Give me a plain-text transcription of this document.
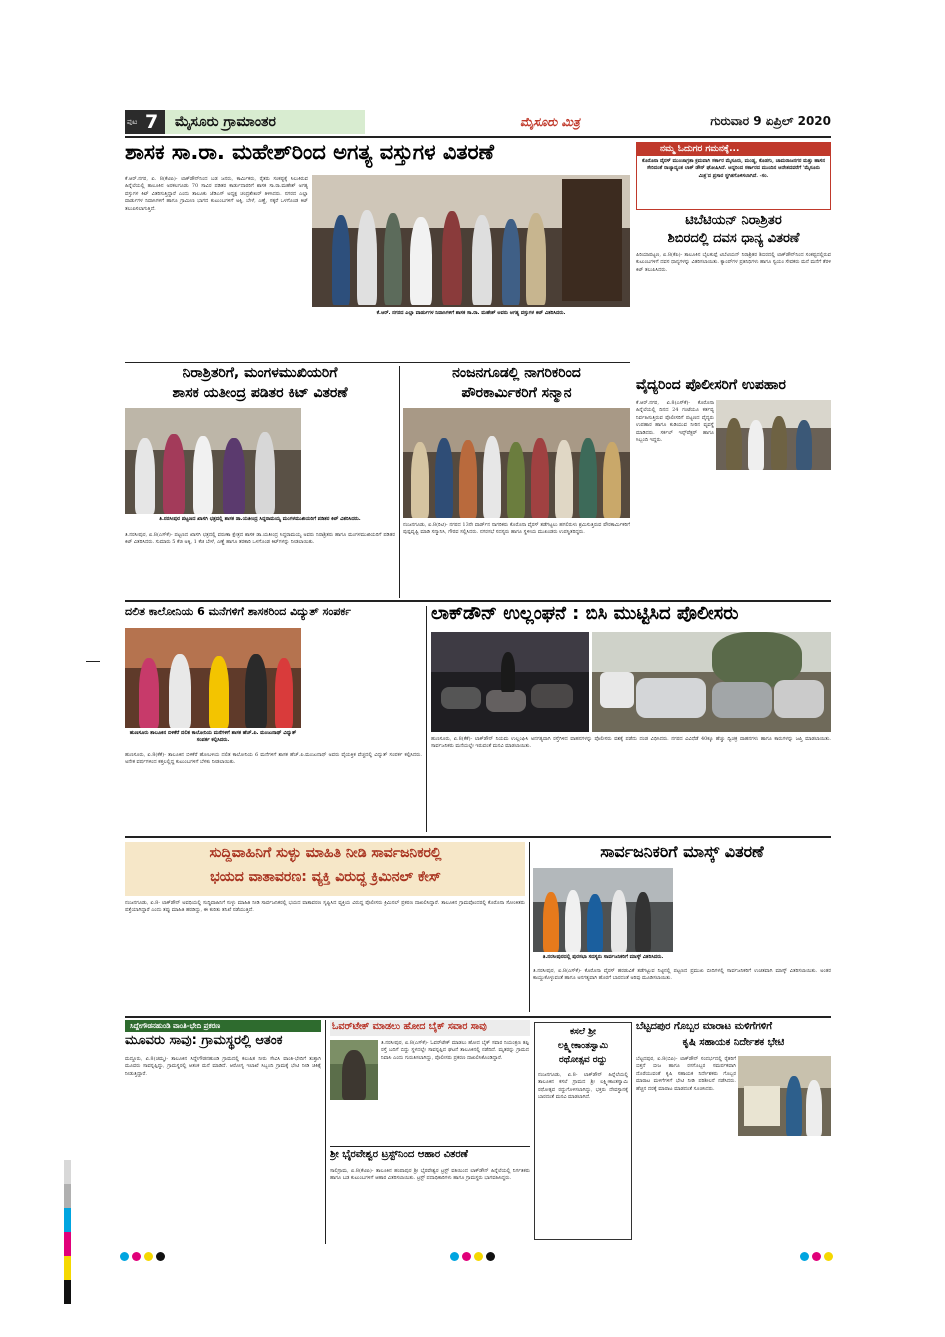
ಪುಟ 7 ಮೈಸೂರು ಗ್ರಾಮಾಂತರ	ಮೈಸೂರು ಮಿತ್ರ	ಗುರುವಾರ 9 ಏಪ್ರಿಲ್ 2020
ಶಾಸಕ ಸಾ.ರಾ. ಮಹೇಶ್‌ರಿಂದ ಅಗತ್ಯ ವಸ್ತುಗಳ ವಿತರಣೆ
ಕೆ.ಆರ್.ನಗರ, ಏ. 8(ಕೆಟಿಪಿ)- ಲಾಕ್‌ಡೌನ್‌ನಿಂದ ಬಡ ಜನರು, ಕಾರ್ಮಿಕರು, ರೈತರು ಸಂಕಷ್ಟಕ್ಕೆ ಸಿಲುಕಿರುವ ಹಿನ್ನೆಲೆಯಲ್ಲಿ ತಾಲೂಕಿನ ಅರಕಲಗೂಡು 70 ಸಾವಿರ ಪಡಿತರ ಕಾರ್ಡುದಾರರಿಗೆ ಶಾಸಕ ಸಾ.ರಾ.ಮಹೇಶ್ ಅಗತ್ಯ ವಸ್ತುಗಳ ಕಿಟ್ ವಿತರಿಸುತ್ತಿದ್ದಾರೆ ಎಂದು ತಾಲೂಕು ಜೆಡಿಎಸ್ ಅಧ್ಯಕ್ಷ ಚಂದ್ರಶೇಖರ್ ತಿಳಿಸಿದರು. ನಗರದ ಎಲ್ಲಾ ವಾರ್ಡುಗಳ ನಿವಾಸಿಗಳಿಗೆ ಹಾಗೂ ಗ್ರಾಮೀಣ ಭಾಗದ ಕುಟುಂಬಗಳಿಗೆ ಅಕ್ಕಿ, ಬೇಳೆ, ಎಣ್ಣೆ, ಸಕ್ಕರೆ ಒಳಗೊಂಡ ಕಿಟ್ ತಲುಪಿಸಲಾಗುತ್ತಿದೆ.
ಕೆ.ಆರ್. ನಗರದ ಎಲ್ಲಾ ವಾರ್ಡುಗಳ ನಿವಾಸಿಗಳಿಗೆ ಶಾಸಕ ಸಾ.ರಾ. ಮಹೇಶ್ ಅವರು ಅಗತ್ಯ ವಸ್ತುಗಳ ಕಿಟ್ ವಿತರಿಸಿದರು.
ನಮ್ಮ ಓದುಗರ ಗಮನಕ್ಕೆ...
ಕೊರೊನಾ ವೈರಸ್ ಮುಂಜಾಗ್ರತಾ ಕ್ರಮವಾಗಿ ಸರ್ಕಾರ ಮೈಸೂರು, ಮಂಡ್ಯ, ಕೊಡಗು, ಚಾಮರಾಜನಗರ ಮತ್ತು ಹಾಸನ ಸೇರಿದಂತೆ ರಾಜ್ಯಾದ್ಯಂತ ಲಾಕ್ ಡೌನ್ ಘೋಷಿಸಿದೆ. ಆದ್ದರಿಂದ ಸರ್ಕಾರದ ಮುಂದಿನ ಆದೇಶದವರೆಗೆ 'ಮೈಸೂರು ಮಿತ್ರ'ದ ಪ್ರಸಾರ ಸ್ಥಗಿತಗೊಳಿಸಲಾಗಿದೆ. -ಸಂ.
ಟಿಬೆಟಿಯನ್ ನಿರಾಶ್ರಿತರ
ಶಿಬಿರದಲ್ಲಿ ದವಸ ಧಾನ್ಯ ವಿತರಣೆ
ಪಿರಿಯಾಪಟ್ಟಣ, ಏ.8(ಕೆಪಿ)- ತಾಲೂಕಿನ ಬೈಲಕುಪ್ಪೆ ಟಿಬೆಟಿಯನ್ ನಿರಾಶ್ರಿತರ ಶಿಬಿರದಲ್ಲಿ ಲಾಕ್‌ಡೌನ್‌ನಿಂದ ಸಂಕಷ್ಟದಲ್ಲಿರುವ ಕುಟುಂಬಗಳಿಗೆ ದವಸ ಧಾನ್ಯಗಳನ್ನು ವಿತರಿಸಲಾಯಿತು. ಕ್ಯಾಂಪ್‌ಗಳ ಪ್ರತಿನಿಧಿಗಳು ಹಾಗೂ ಸ್ವಯಂ ಸೇವಕರು ಮನೆ ಮನೆಗೆ ತೆರಳಿ ಕಿಟ್ ತಲುಪಿಸಿದರು.
ವೈದ್ಯರಿಂದ ಪೊಲೀಸರಿಗೆ ಉಪಹಾರ
ಕೆ.ಆರ್.ನಗರ, ಏ.8(ಎಸ್‌ಕೆ)- ಕೊರೊನಾ ಹಿನ್ನೆಲೆಯಲ್ಲಿ ದಿನದ 24 ಗಂಟೆಯೂ ಕರ್ತವ್ಯ ನಿರ್ವಹಿಸುತ್ತಿರುವ ಪೊಲೀಸರಿಗೆ ಪಟ್ಟಣದ ವೈದ್ಯರು ಉಪಹಾರ ಹಾಗೂ ಕುಡಿಯುವ ನೀರಿನ ವ್ಯವಸ್ಥೆ ಮಾಡಿದರು. ಸರ್ಕಲ್ ಇನ್ಸ್‌ಪೆಕ್ಟರ್ ಹಾಗೂ ಸಿಬ್ಬಂದಿ ಇದ್ದರು.
ನಿರಾಶ್ರಿತರಿಗೆ, ಮಂಗಳಮುಖಿಯರಿಗೆ
ಶಾಸಕ ಯತೀಂದ್ರ ಪಡಿತರ ಕಿಟ್ ವಿತರಣೆ
ತಿ.ನರಸೀಪುರ ಪಟ್ಟಣದ ಖಾಸಗಿ ಛತ್ರದಲ್ಲಿ ಶಾಸಕ ಡಾ.ಯತೀಂದ್ರ ಸಿದ್ದರಾಮಯ್ಯ ಮಂಗಳಮುಖಿಯರಿಗೆ ಪಡಿತರ ಕಿಟ್ ವಿತರಿಸಿದರು.
ತಿ.ನರಸೀಪುರ, ಏ.8(ಎಸ್‌ಕೆ)- ಪಟ್ಟಣದ ಖಾಸಗಿ ಛತ್ರದಲ್ಲಿ ವರುಣಾ ಕ್ಷೇತ್ರದ ಶಾಸಕ ಡಾ.ಯತೀಂದ್ರ ಸಿದ್ದರಾಮಯ್ಯ ಅವರು ನಿರಾಶ್ರಿತರು ಹಾಗೂ ಮಂಗಳಮುಖಿಯರಿಗೆ ಪಡಿತರ ಕಿಟ್ ವಿತರಿಸಿದರು. ಸುಮಾರು 5 ಕೆಜಿ ಅಕ್ಕಿ, 1 ಕೆಜಿ ಬೇಳೆ, ಎಣ್ಣೆ ಹಾಗೂ ತರಕಾರಿ ಒಳಗೊಂಡ ಕಿಟ್‌ಗಳನ್ನು ನೀಡಲಾಯಿತು.
ನಂಜನಗೂಡಲ್ಲಿ ನಾಗರಿಕರಿಂದ
ಪೌರಕಾರ್ಮಿಕರಿಗೆ ಸನ್ಮಾನ
ನಂಜನಗೂಡು, ಏ.8(ರಿಟಿ)- ನಗರದ 13ನೇ ವಾರ್ಡ್‌ನ ನಾಗರಿಕರು ಕೊರೊನಾ ವೈರಸ್ ತಡೆಗಟ್ಟಲು ಹಗಲಿರುಳು ಶ್ರಮಿಸುತ್ತಿರುವ ಪೌರಕಾರ್ಮಿಕರಿಗೆ ಪುಷ್ಪವೃಷ್ಟಿ ಮಾಡಿ ಸನ್ಮಾನಿಸಿ, ಗೌರವ ಸಲ್ಲಿಸಿದರು. ನಗರಸಭೆ ಸದಸ್ಯರು ಹಾಗೂ ಸ್ಥಳೀಯ ಮುಖಂಡರು ಉಪಸ್ಥಿತರಿದ್ದರು.
ದಲಿತ ಕಾಲೋನಿಯ 6 ಮನೆಗಳಿಗೆ ಶಾಸಕರಿಂದ ವಿದ್ಯುತ್ ಸಂಪರ್ಕ
ಹುಣಸೂರು ತಾಲೂಕಿನ ಬಿಳಿಕೆರೆ ದಲಿತ ಕಾಲೋನಿಯ ಮನೆಗಳಿಗೆ ಶಾಸಕ ಹೆಚ್.ಪಿ. ಮಂಜುನಾಥ್ ವಿದ್ಯುತ್ ಸಂಪರ್ಕ ಕಲ್ಪಿಸಿದರು.
ಹುಣಸೂರು, ಏ.8(ಕೆಕೆ)- ತಾಲೂಕಿನ ಬಿಳಿಕೆರೆ ಹೋಬಳಿಯ ದಲಿತ ಕಾಲೋನಿಯ 6 ಮನೆಗಳಿಗೆ ಶಾಸಕ ಹೆಚ್.ಪಿ.ಮಂಜುನಾಥ್ ಅವರು ವೈಯಕ್ತಿಕ ವೆಚ್ಚದಲ್ಲಿ ವಿದ್ಯುತ್ ಸಂಪರ್ಕ ಕಲ್ಪಿಸಿದರು. ಅನೇಕ ವರ್ಷಗಳಿಂದ ಕತ್ತಲಲ್ಲಿದ್ದ ಕುಟುಂಬಗಳಿಗೆ ಬೆಳಕು ನೀಡಲಾಯಿತು.
ಲಾಕ್‌ಡೌನ್ ಉಲ್ಲಂಘನೆ : ಬಿಸಿ ಮುಟ್ಟಿಸಿದ ಪೊಲೀಸರು
ಹುಣಸೂರು, ಏ.8(ಕೆಕೆ)- ಲಾಕ್‌ಡೌನ್ ನಿಯಮ ಉಲ್ಲಂಘಿಸಿ ಅನಗತ್ಯವಾಗಿ ರಸ್ತೆಗಿಳಿದ ವಾಹನಗಳನ್ನು ಪೊಲೀಸರು ವಶಕ್ಕೆ ಪಡೆದು ದಂಡ ವಿಧಿಸಿದರು. ನಗರದ ವಿವಿಧೆಡೆ 40ಕ್ಕೂ ಹೆಚ್ಚು ದ್ವಿಚಕ್ರ ವಾಹನಗಳು ಹಾಗೂ ಕಾರುಗಳನ್ನು ಜಪ್ತಿ ಮಾಡಲಾಯಿತು. ಸಾರ್ವಜನಿಕರು ಮನೆಯಲ್ಲೇ ಇರುವಂತೆ ಮನವಿ ಮಾಡಲಾಯಿತು.
ಸುದ್ದಿವಾಹಿನಿಗೆ ಸುಳ್ಳು ಮಾಹಿತಿ ನೀಡಿ ಸಾರ್ವಜನಿಕರಲ್ಲಿ
ಭಯದ ವಾತಾವರಣ: ವ್ಯಕ್ತಿ ವಿರುದ್ಧ ಕ್ರಿಮಿನಲ್ ಕೇಸ್
ನಂಜನಗೂಡು, ಏ.8- ಲಾಕ್‌ಡೌನ್ ಅವಧಿಯಲ್ಲಿ ಸುದ್ದಿವಾಹಿನಿಗೆ ಸುಳ್ಳು ಮಾಹಿತಿ ನೀಡಿ ಸಾರ್ವಜನಿಕರಲ್ಲಿ ಭಯದ ವಾತಾವರಣ ಸೃಷ್ಟಿಸಿದ ವ್ಯಕ್ತಿಯ ವಿರುದ್ಧ ಪೊಲೀಸರು ಕ್ರಿಮಿನಲ್ ಪ್ರಕರಣ ದಾಖಲಿಸಿದ್ದಾರೆ. ತಾಲೂಕಿನ ಗ್ರಾಮವೊಂದರಲ್ಲಿ ಕೊರೊನಾ ಸೋಂಕಿತರು ಪತ್ತೆಯಾಗಿದ್ದಾರೆ ಎಂದು ತಪ್ಪು ಮಾಹಿತಿ ಹರಡಿದ್ದು, ಈ ಕುರಿತು ತನಿಖೆ ನಡೆಯುತ್ತಿದೆ.
ಸಾರ್ವಜನಿಕರಿಗೆ ಮಾಸ್ಕ್ ವಿತರಣೆ
ತಿ.ನರಸೀಪುರದಲ್ಲಿ ಪುರಸಭಾ ಸದಸ್ಯರು ಸಾರ್ವಜನಿಕರಿಗೆ ಮಾಸ್ಕ್ ವಿತರಿಸಿದರು.
ತಿ.ನರಸೀಪುರ, ಏ.8(ಎಸ್‌ಕೆ)- ಕೊರೊನಾ ವೈರಸ್ ಹರಡುವಿಕೆ ತಡೆಗಟ್ಟುವ ನಿಟ್ಟಿನಲ್ಲಿ ಪಟ್ಟಣದ ಪ್ರಮುಖ ಬೀದಿಗಳಲ್ಲಿ ಸಾರ್ವಜನಿಕರಿಗೆ ಉಚಿತವಾಗಿ ಮಾಸ್ಕ್ ವಿತರಿಸಲಾಯಿತು. ಅಂತರ ಕಾಯ್ದುಕೊಳ್ಳುವಂತೆ ಹಾಗೂ ಅನಗತ್ಯವಾಗಿ ಹೊರಗೆ ಬಾರದಂತೆ ಅರಿವು ಮೂಡಿಸಲಾಯಿತು.
ಸಿದ್ದೇಗೌಡನಹುಂಡಿ ವಾಂತಿ-ಭೇದಿ ಪ್ರಕರಣ
ಮೂವರು ಸಾವು: ಗ್ರಾಮಸ್ಥರಲ್ಲಿ ಆತಂಕ
ಮದ್ದೂರು, ಏ.8(ಚಮ್ಮ)- ತಾಲೂಕಿನ ಸಿದ್ದೇಗೌಡನಹುಂಡಿ ಗ್ರಾಮದಲ್ಲಿ ಕಲುಷಿತ ನೀರು ಸೇವಿಸಿ ವಾಂತಿ-ಭೇದಿಗೆ ತುತ್ತಾಗಿ ಮೂವರು ಸಾವನ್ನಪ್ಪಿದ್ದು, ಗ್ರಾಮಸ್ಥರಲ್ಲಿ ಆತಂಕ ಮನೆ ಮಾಡಿದೆ. ಆರೋಗ್ಯ ಇಲಾಖೆ ಸಿಬ್ಬಂದಿ ಗ್ರಾಮಕ್ಕೆ ಭೇಟಿ ನೀಡಿ ಚಿಕಿತ್ಸೆ ನೀಡುತ್ತಿದ್ದಾರೆ.
ಓವರ್‌ಟೇಕ್ ಮಾಡಲು ಹೋದ ಬೈಕ್ ಸವಾರ ಸಾವು
ತಿ.ನರಸೀಪುರ, ಏ.8(ಎಸ್‌ಕೆ)- ಓವರ್‌ಟೇಕ್ ಮಾಡಲು ಹೋದ ಬೈಕ್ ಸವಾರ ನಿಯಂತ್ರಣ ತಪ್ಪಿ ರಸ್ತೆ ಬದಿಗೆ ಬಿದ್ದು ಸ್ಥಳದಲ್ಲೇ ಸಾವನ್ನಪ್ಪಿದ ಘಟನೆ ತಾಲೂಕಿನಲ್ಲಿ ನಡೆದಿದೆ. ಮೃತರನ್ನು ಗ್ರಾಮದ ನಿವಾಸಿ ಎಂದು ಗುರುತಿಸಲಾಗಿದ್ದು, ಪೊಲೀಸರು ಪ್ರಕರಣ ದಾಖಲಿಸಿಕೊಂಡಿದ್ದಾರೆ.
ಕಸಲೆ ಶ್ರೀ
ಲಕ್ಷ್ಮೀಕಾಂತಸ್ವಾಮಿ
ರಥೋತ್ಸವ ರದ್ದು
ನಂಜನಗೂಡು, ಏ.8- ಲಾಕ್‌ಡೌನ್ ಹಿನ್ನೆಲೆಯಲ್ಲಿ ತಾಲೂಕಿನ ಕಸಲೆ ಗ್ರಾಮದ ಶ್ರೀ ಲಕ್ಷ್ಮೀಕಾಂತಸ್ವಾಮಿ ರಥೋತ್ಸವ ರದ್ದುಗೊಳಿಸಲಾಗಿದ್ದು, ಭಕ್ತರು ದೇವಸ್ಥಾನಕ್ಕೆ ಬಾರದಂತೆ ಮನವಿ ಮಾಡಲಾಗಿದೆ.
ಬೆಟ್ಟದಪುರ ಗೊಬ್ಬರ ಮಾರಾಟ ಮಳಿಗೆಗಳಿಗೆ
ಕೃಷಿ ಸಹಾಯಕ ನಿರ್ದೇಶಕ ಭೇಟಿ
ಬೆಟ್ಟದಪುರ, ಏ.8(ಬಿಪಿ)- ಲಾಕ್‌ಡೌನ್ ಸಂದರ್ಭದಲ್ಲಿ ರೈತರಿಗೆ ಬಿತ್ತನೆ ಬೀಜ ಹಾಗೂ ರಸಗೊಬ್ಬರ ಸಮರ್ಪಕವಾಗಿ ದೊರೆಯುವಂತೆ ಕೃಷಿ ಸಹಾಯಕ ನಿರ್ದೇಶಕರು ಗೊಬ್ಬರ ಮಾರಾಟ ಮಳಿಗೆಗಳಿಗೆ ಭೇಟಿ ನೀಡಿ ಪರಿಶೀಲನೆ ನಡೆಸಿದರು. ಹೆಚ್ಚಿನ ದರಕ್ಕೆ ಮಾರಾಟ ಮಾಡದಂತೆ ಸೂಚಿಸಿದರು.
ಶ್ರೀ ಭೈರವೇಶ್ವರ ಟ್ರಸ್ಟ್‌ನಿಂದ ಆಹಾರ ವಿತರಣೆ
ಸಾಲಿಗ್ರಾಮ, ಏ.8(ಕೆಟಿಪಿ)- ತಾಲೂಕಿನ ಹಂಪಾಪುರ ಶ್ರೀ ಭೈರವೇಶ್ವರ ಟ್ರಸ್ಟ್ ವತಿಯಿಂದ ಲಾಕ್‌ಡೌನ್ ಹಿನ್ನೆಲೆಯಲ್ಲಿ ನಿರ್ಗತಿಕರು ಹಾಗೂ ಬಡ ಕುಟುಂಬಗಳಿಗೆ ಆಹಾರ ವಿತರಿಸಲಾಯಿತು. ಟ್ರಸ್ಟ್ ಪದಾಧಿಕಾರಿಗಳು ಹಾಗೂ ಗ್ರಾಮಸ್ಥರು ಭಾಗವಹಿಸಿದ್ದರು.
